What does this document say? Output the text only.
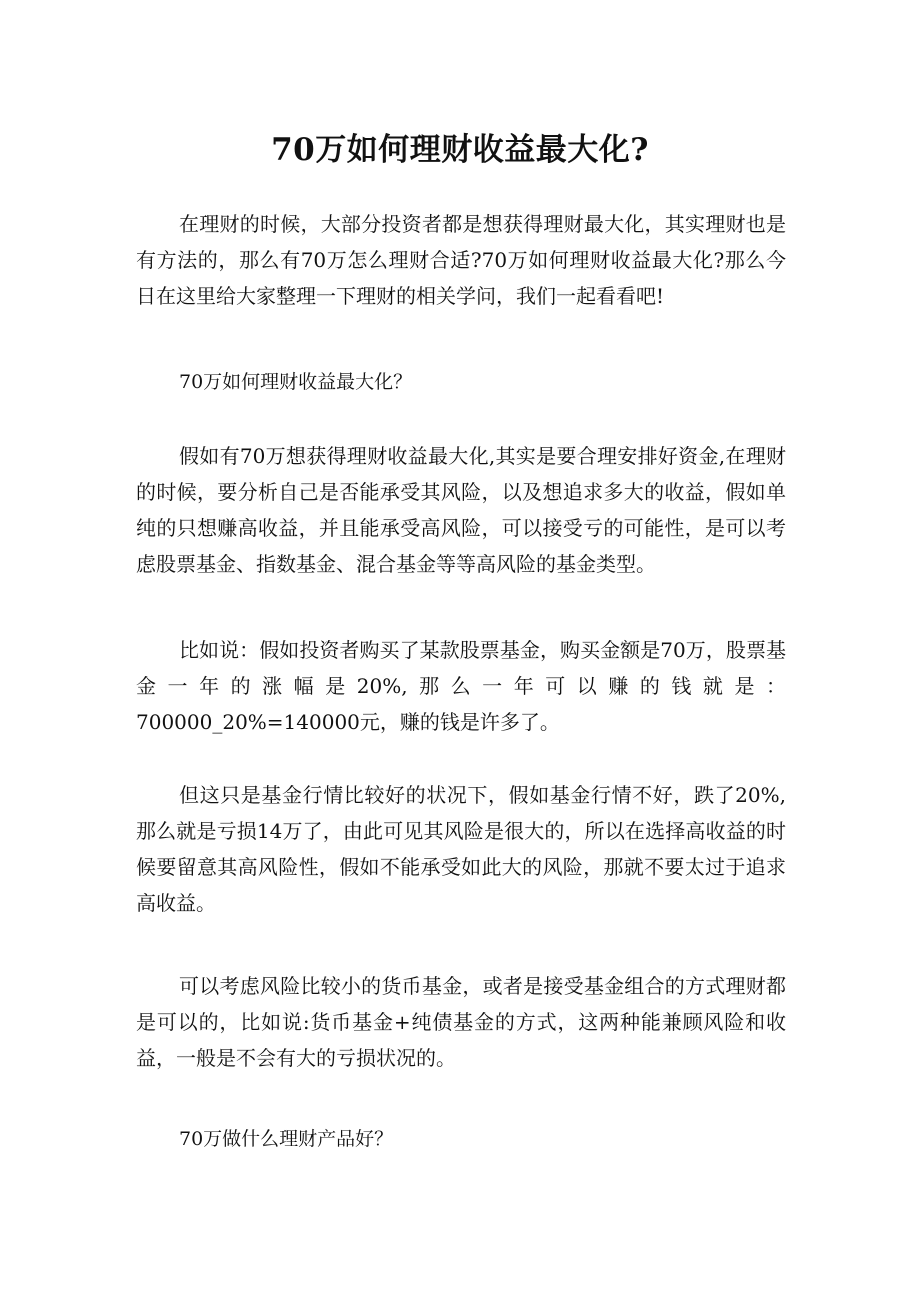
70万如何理财收益最大化?
在理财的时候，大部分投资者都是想获得理财最大化，其实理财也是有方法的，那么有70万怎么理财合适?70万如何理财收益最大化?那么今日在这里给大家整理一下理财的相关学问，我们一起看看吧!
70万如何理财收益最大化？
假如有70万想获得理财收益最大化,其实是要合理安排好资金,在理财的时候，要分析自己是否能承受其风险，以及想追求多大的收益，假如单纯的只想赚高收益，并且能承受高风险，可以接受亏的可能性，是可以考虑股票基金、指数基金、混合基金等等高风险的基金类型。
比如说：假如投资者购买了某款股票基金，购买金额是70万，股票基金一年的涨幅是20%,那么一年可以赚的钱就是：700000_20%=140000元，赚的钱是许多了。
但这只是基金行情比较好的状况下，假如基金行情不好，跌了20%,那么就是亏损14万了，由此可见其风险是很大的，所以在选择高收益的时候要留意其高风险性，假如不能承受如此大的风险，那就不要太过于追求高收益。
可以考虑风险比较小的货币基金，或者是接受基金组合的方式理财都是可以的，比如说:货币基金+纯债基金的方式，这两种能兼顾风险和收益，一般是不会有大的亏损状况的。
70万做什么理财产品好？
